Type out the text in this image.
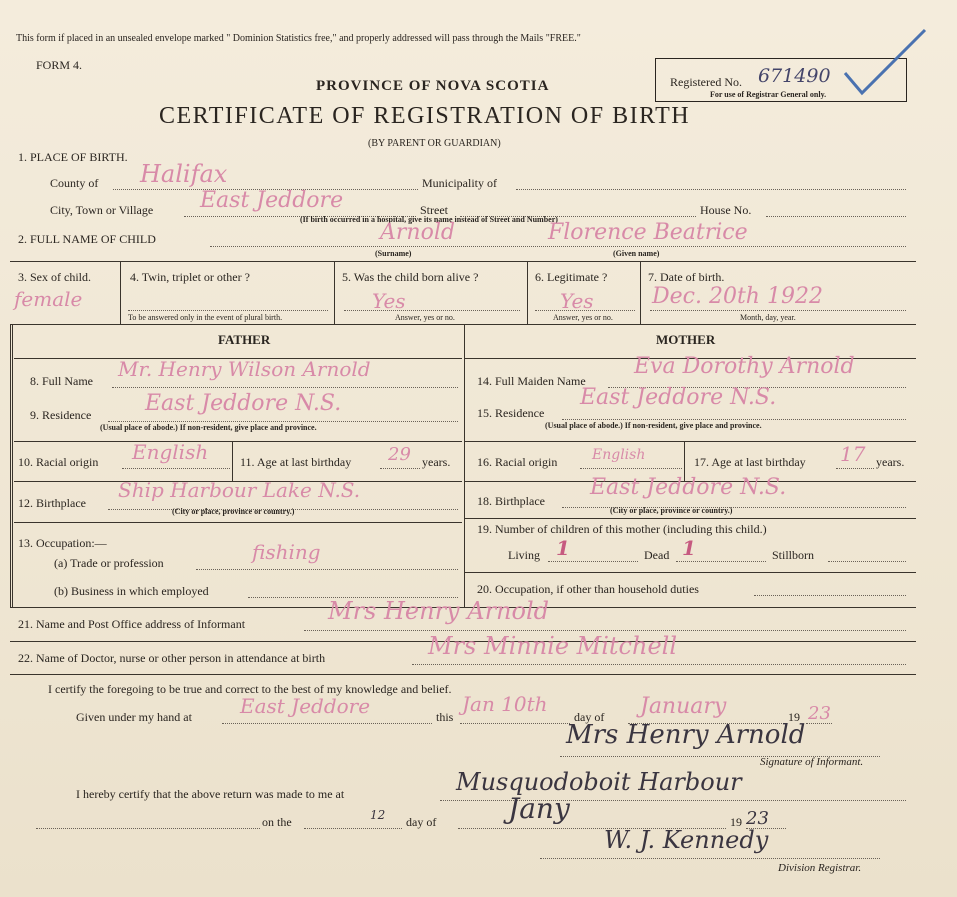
This form if placed in an unsealed envelope marked " Dominion Statistics free," and properly addressed will pass through the Mails "FREE."
FORM 4.
Registered No. 671490
For use of Registrar General only.
PROVINCE OF NOVA SCOTIA
CERTIFICATE OF REGISTRATION OF BIRTH
(BY PARENT OR GUARDIAN)
1. PLACE OF BIRTH.
County of Halifax	Municipality of
City, Town or Village East Jeddore	Street	House No.
(If birth occurred in a hospital, give its name instead of Street and Number)
2. FULL NAME OF CHILD	Arnold	Florence Beatrice
(Surname)	(Given name)
3. Sex of child.
female
4. Twin, triplet or other ?
To be answered only in the event of plural birth.
5. Was the child born alive ?
Yes
Answer, yes or no.
6. Legitimate ?
Yes
Answer, yes or no.
7. Date of birth.
Dec. 20th 1922
Month, day, year.
FATHER	MOTHER
8. Full Name Mr. Henry Wilson Arnold
9. Residence East Jeddore N.S.
(Usual place of abode.) If non-resident, give place and province.
10. Racial origin English	11. Age at last birthday 29 years.
12. Birthplace
Ship Harbour Lake N.S.
(City or place, province or country.)
13. Occupation:—
(a) Trade or profession	fishing
(b) Business in which employed
14. Full Maiden Name
Eva Dorothy Arnold
15. Residence
East Jeddore N.S.
(Usual place of abode.) If non-resident, give place and province.
16. Racial origin English	17. Age at last birthday 17 years.
18. Birthplace
East Jeddore N.S.
(City or place, province or country.)
19. Number of children of this mother (including this child.)
Living 1	Dead 1	Stillborn
20. Occupation, if other than household duties
21. Name and Post Office address of Informant	Mrs Henry Arnold
22. Name of Doctor, nurse or other person in attendance at birth	Mrs Minnie Mitchell
I certify the foregoing to be true and correct to the best of my knowledge and belief.
Given under my hand at East Jeddore	this
Jan 10th
day of January	19 23
Mrs Henry Arnold
Signature of Informant.
I hereby certify that the above return was made to me at	Musquodoboit Harbour
on the	12 day of	Jany	19 23
W. J. Kennedy
Division Registrar.
